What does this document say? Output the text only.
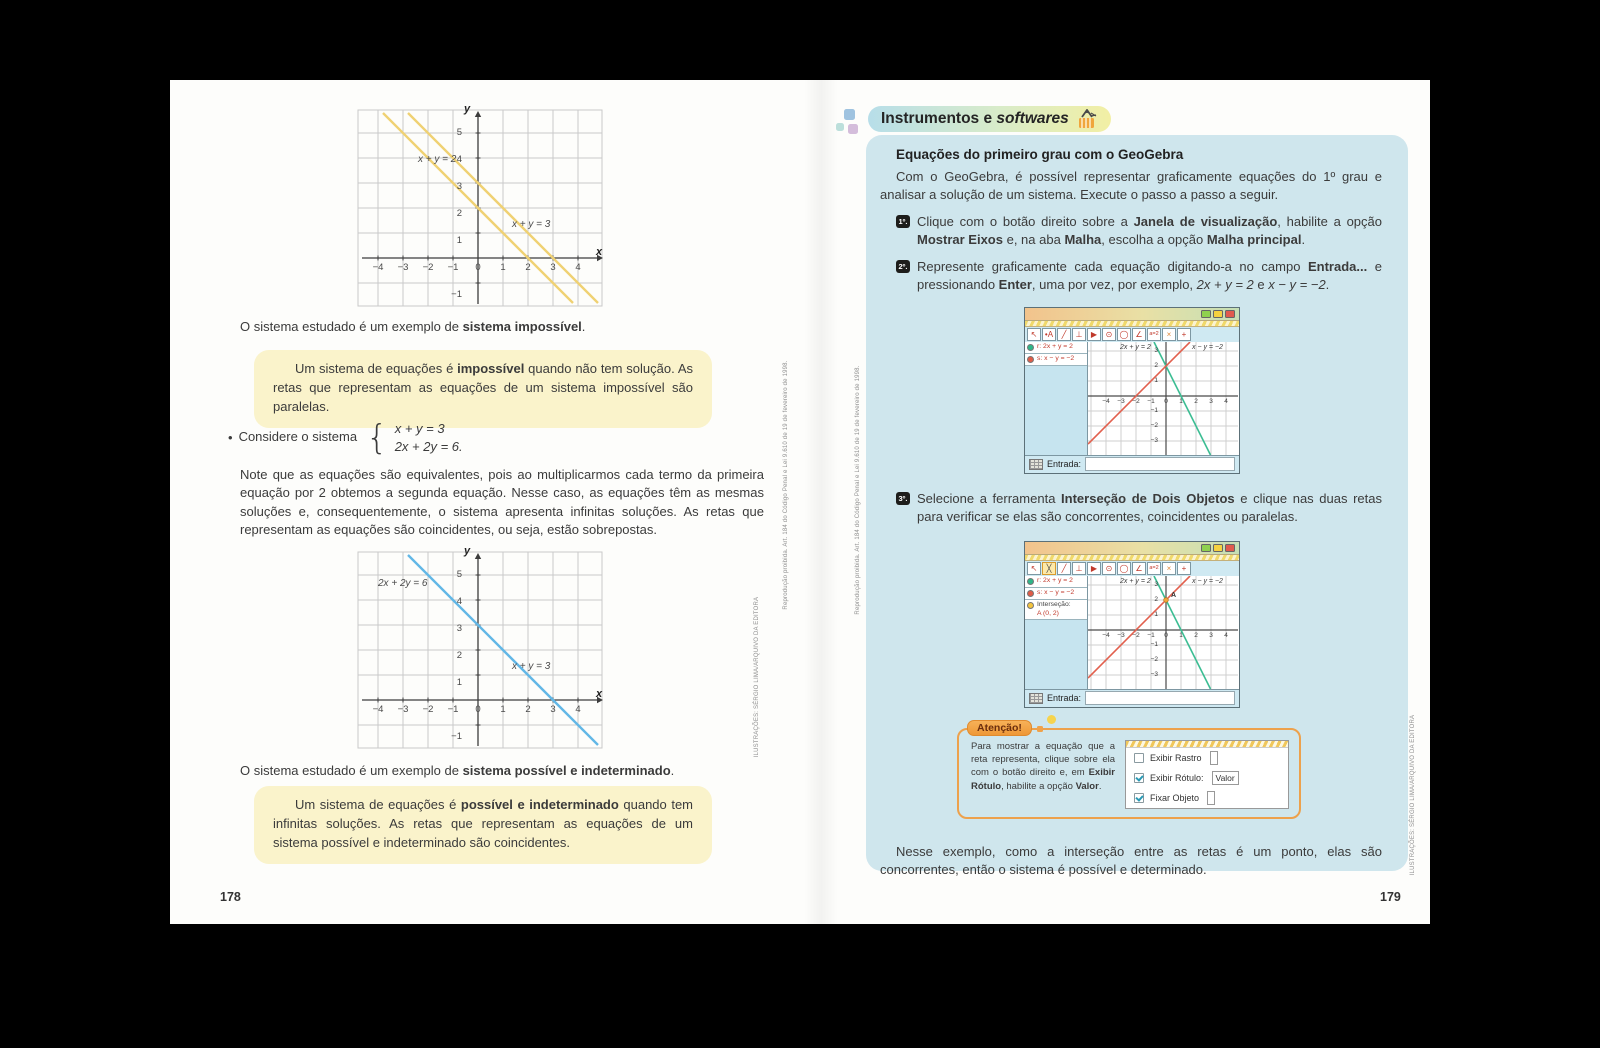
y
x
x + y = 2
x + y = 3
−4 −3 −2 −1	0	1	2	3	4
5
4
3
2
1
−1
O sistema estudado é um exemplo de sistema impossível.
Um sistema de equações é impossível quando não tem solução. As retas que representam as equações de um sistema impossível são paralelas.
• Considere o sistema { x + y = 3
2x + 2y = 6.
Note que as equações são equivalentes, pois ao multiplicarmos cada termo da primeira equação por 2 obtemos a segunda equação. Nesse caso, as equações têm as mesmas soluções e, consequentemente, o sistema apresenta infinitas soluções. As retas que representam as equações são coincidentes, ou seja, estão sobrepostas.
y
x
2x + 2y = 6
x + y = 3
−4 −3 −2 −1	0	1	2	3	4
5
4
3
2
1
−1
O sistema estudado é um exemplo de sistema possível e indeterminado.
Um sistema de equações é possível e indeterminado quando tem infinitas soluções. As retas que representam as equações de um sistema possível e indeterminado são coincidentes.
178
Instrumentos e softwares
Equações do primeiro grau com o GeoGebra
Com o GeoGebra, é possível representar graficamente equações do 1º grau e analisar a solução de um sistema. Execute o passo a passo a seguir.
1º. Clique com o botão direito sobre a Janela de visualização, habilite a opção Mostrar Eixos e, na aba Malha, escolha a opção Malha principal.
2º. Represente graficamente cada equação digitando-a no campo Entrada... e pressionando Enter, uma por vez, por exemplo, 2x + y = 2 e x − y = −2.
↖ •A	╱	⊥	▶	⊙ ◯ ∠	a=2 ×	+
r: 2x + y = 2
s: x − y = −2
2x + y = 2	x − y = −2
−4	−3	−2	−1	0	1	2	3	4
3
2
1
−1
−2
−3
Entrada:
3º. Selecione a ferramenta Interseção de Dois Objetos e clique nas duas retas para verificar se elas são concorrentes, coincidentes ou paralelas.
↖	╳	╱	⊥	▶	⊙ ◯ ∠	a=2 ×	+
r: 2x + y = 2
s: x − y = −2
Interseção:
A (0, 2)
2x + y = 2	x − y = −2
A
−4	−3	−2	−1	0	1	2	3	4
3
2
1
−1
−2
−3
Entrada:
Atenção!
Para mostrar a equação que a reta representa, clique sobre ela com o botão direito e, em Exibir Rótulo, habilite a opção Valor.
Exibir Rastro
Exibir Rótulo: Valor
Fixar Objeto
Nesse exemplo, como a interseção entre as retas é um ponto, elas são concorrentes, então o sistema é possível e determinado.
179
Reprodução proibida. Art. 184 do Código Penal e Lei 9.610 de 19 de fevereiro de 1998.	Reprodução proibida. Art. 184 do Código Penal e Lei 9.610 de 19 de fevereiro de 1998.
ILUSTRAÇÕES: SÉRGIO LIMA/ARQUIVO DA EDITORA
ILUSTRAÇÕES: SÉRGIO LIMA/ARQUIVO DA EDITORA
